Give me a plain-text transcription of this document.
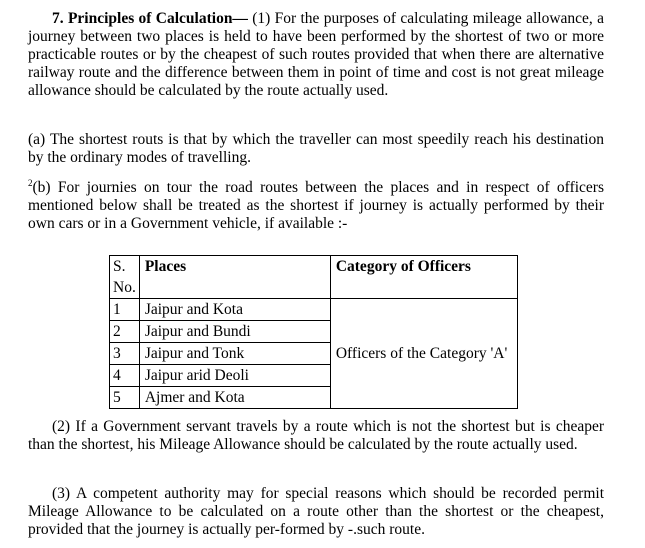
7. Principles of Calculation— (1) For the purposes of calculating mileage allowance, a journey between two places is held to have been performed by the shortest of two or more practicable routes or by the cheapest of such routes provided that when there are alternative railway route and the difference between them in point of time and cost is not great mileage allowance should be calculated by the route actually used.

(a) The shortest routs is that by which the traveller can most speedily reach his destination by the ordinary modes of travelling.

$^2$(b) For journies on tour the road routes between the places and in respect of officers mentioned below shall be treated as the shortest if journey is actually performed by their own cars or in a Government vehicle, if available :-

S. No.	Places	Category of Officers
1	Jaipur and Kota	Officers of the Category 'A'
2	Jaipur and Bundi	
3	Jaipur and Tonk	
4	Jaipur arid Deoli	
5	Ajmer and Kota	

(2) If a Government servant travels by a route which is not the shortest but is cheaper than the shortest, his Mileage Allowance should be calculated by the route actually used.

(3) A competent authority may for special reasons which should be recorded permit Mileage Allowance to be calculated on a route other than the shortest or the cheapest, provided that the journey is actually per-formed by -.such route.
